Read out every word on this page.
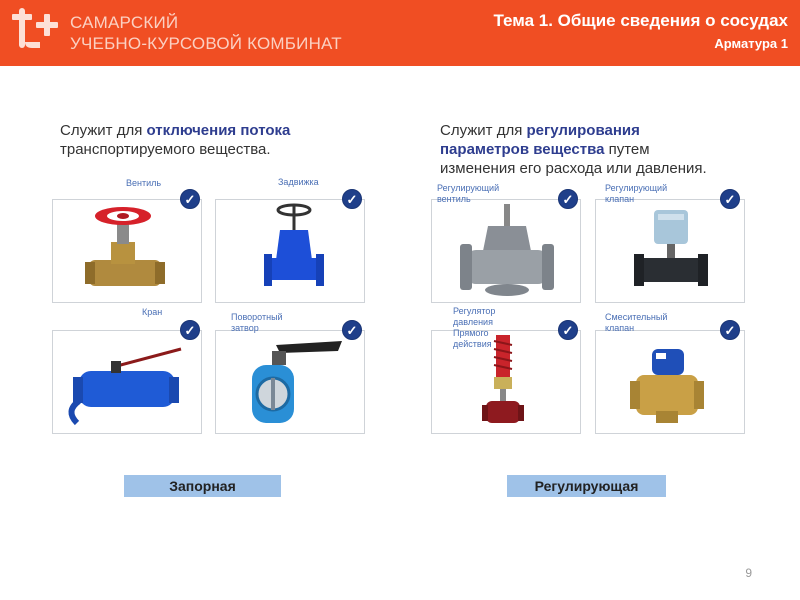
САМАРСКИЙ
УЧЕБНО-КУРСОВОЙ КОМБИНАТ
Тема 1. Общие сведения о сосудах
Арматура 1
Служит для отключения потока
транспортируемого вещества.
Служит для регулирования
параметров вещества путем
изменения его расхода или давления.
Вентиль
✓
Задвижка
✓
Кран
✓
Поворотный затвор	✓
Регулирующий вентиль	✓
Регулирующий клапан	✓
Регулятор давления Прямого действия
✓
Смесительный клапан	✓
Запорная	Регулирующая
9
